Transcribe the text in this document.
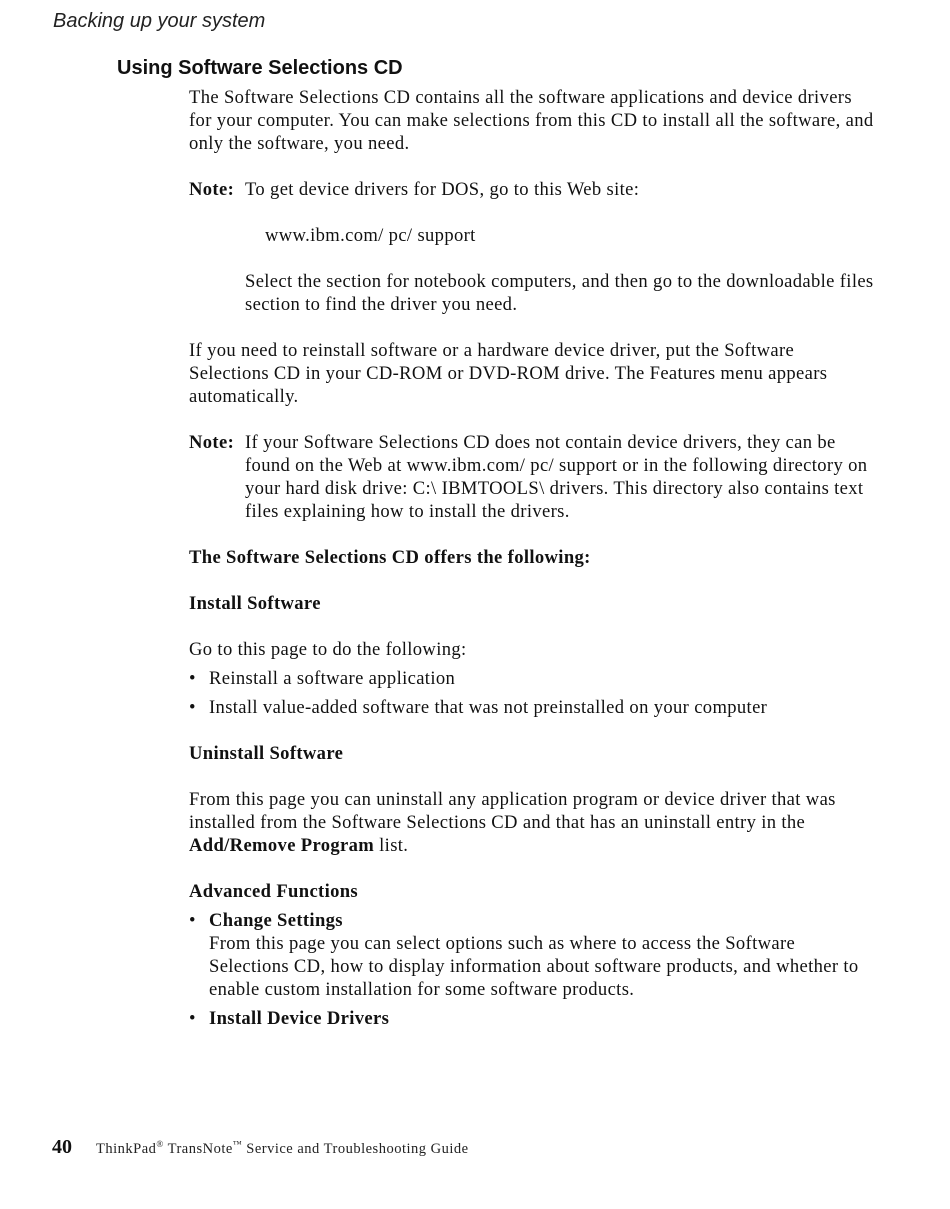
Backing up your system

Using Software Selections CD

The Software Selections CD contains all the software applications and device drivers for your computer. You can make selections from this CD to install all the software, and only the software, you need.

Note: To get device drivers for DOS, go to this Web site:

www.ibm.com/ pc/ support

Select the section for notebook computers, and then go to the downloadable files section to find the driver you need.

If you need to reinstall software or a hardware device driver, put the Software Selections CD in your CD-ROM or DVD-ROM drive. The Features menu appears automatically.

Note: If your Software Selections CD does not contain device drivers, they can be found on the Web at www.ibm.com/ pc/ support or in the following directory on your hard disk drive: C:\ IBMTOOLS\ drivers. This directory also contains text files explaining how to install the drivers.

The Software Selections CD offers the following:

Install Software

Go to this page to do the following:

• Reinstall a software application
• Install value-added software that was not preinstalled on your computer

Uninstall Software

From this page you can uninstall any application program or device driver that was installed from the Software Selections CD and that has an uninstall entry in the Add/Remove Program list.

Advanced Functions

• Change Settings

From this page you can select options such as where to access the Software Selections CD, how to display information about software products, and whether to enable custom installation for some software products.

• Install Device Drivers
40	ThinkPad® TransNote™ Service and Troubleshooting Guide
